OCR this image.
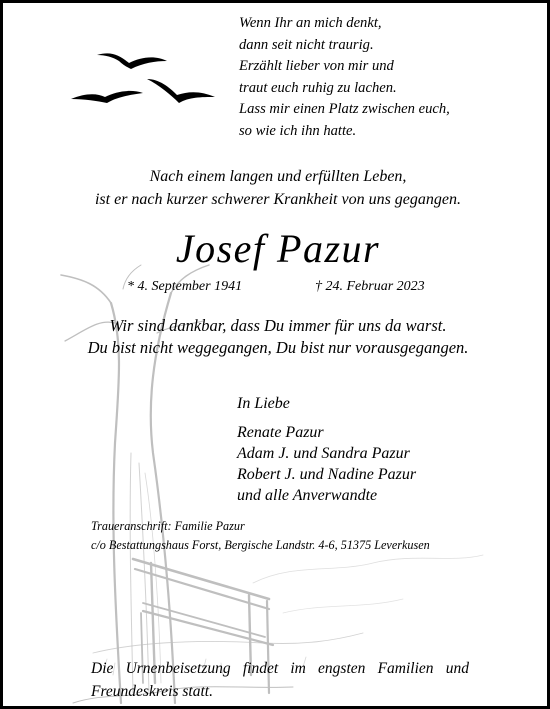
Wenn Ihr an mich denkt,
dann seit nicht traurig.
Erzählt lieber von mir und
traut euch ruhig zu lachen.
Lass mir einen Platz zwischen euch,
so wie ich ihn hatte.
Nach einem langen und erfüllten Leben,
ist er nach kurzer schwerer Krankheit von uns gegangen.
Josef Pazur
* 4. September 1941	† 24. Februar 2023
Wir sind dankbar, dass Du immer für uns da warst.
Du bist nicht weggegangen, Du bist nur vorausgegangen.
In Liebe
Renate Pazur
Adam J. und Sandra Pazur
Robert J. und Nadine Pazur
und alle Anverwandte
Traueranschrift: Familie Pazur
c/o Bestattungshaus Forst, Bergische Landstr. 4-6, 51375 Leverkusen
Die Urnenbeisetzung findet im engsten Familien und Freundeskreis statt.
